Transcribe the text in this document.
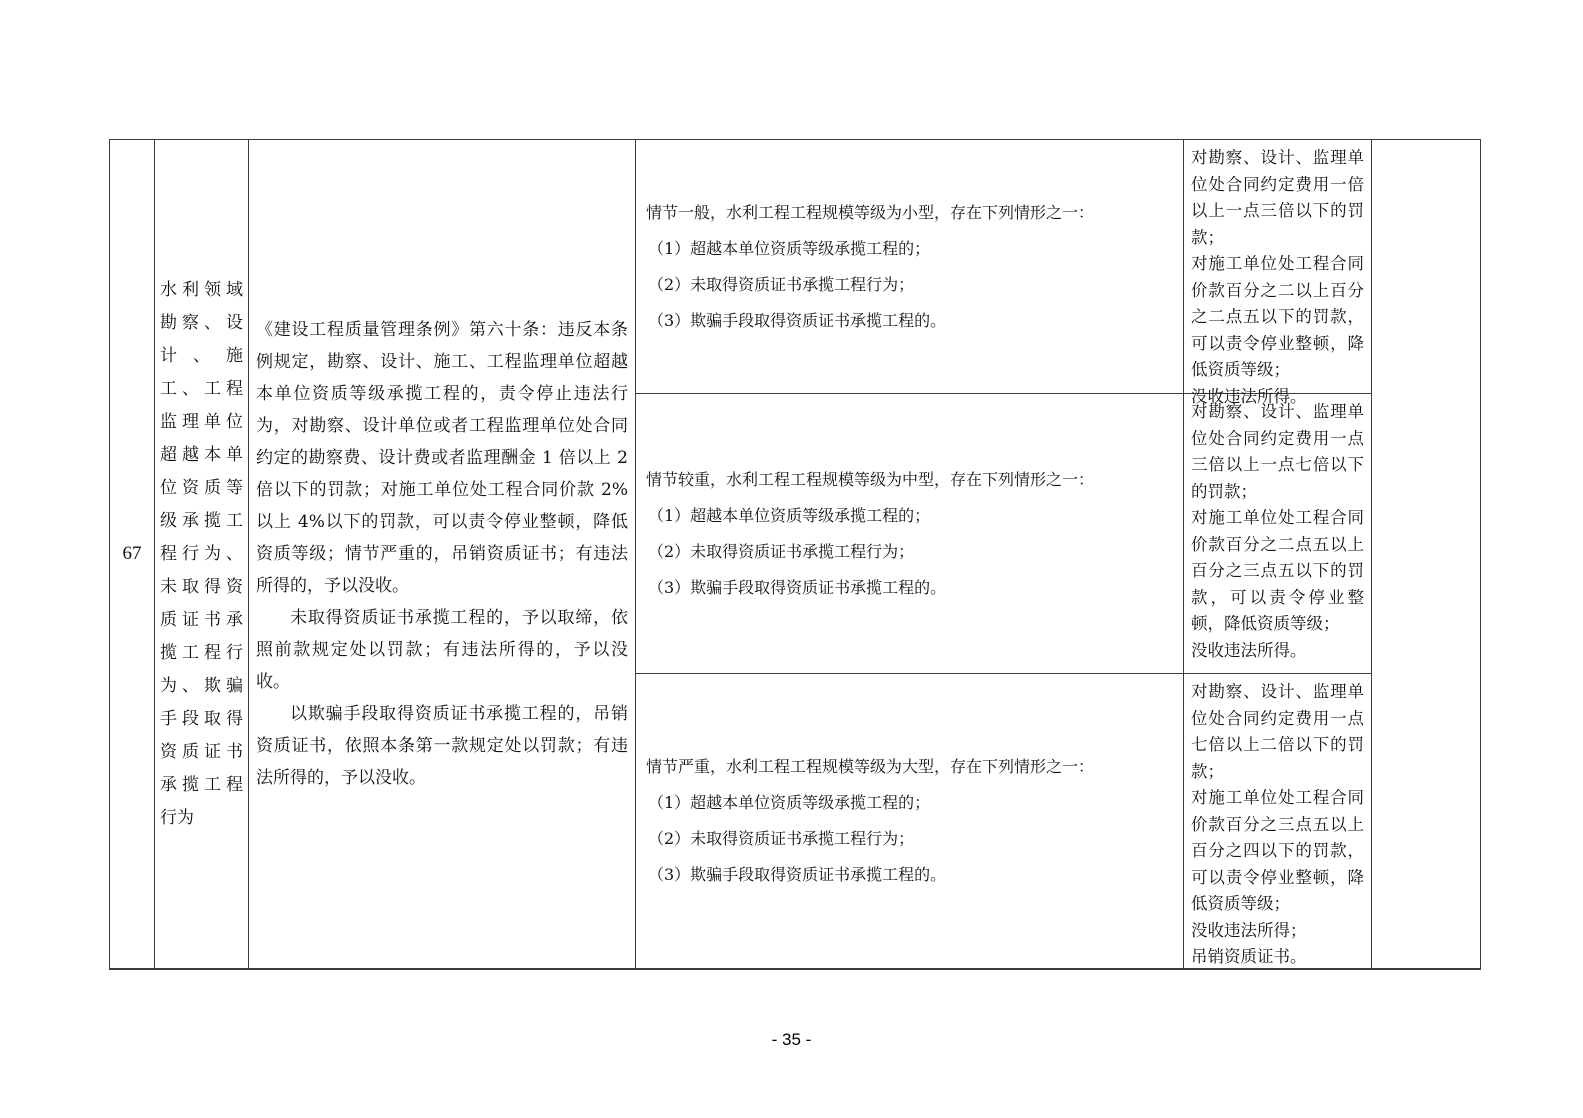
67
水利领域勘察、设计、施工、工程监理单位超越本单位资质等级承揽工程行为、未取得资质证书承揽工程行为、欺骗手段取得资质证书承揽工程行为

《建设工程质量管理条例》第六十条：违反本条例规定，勘察、设计、施工、工程监理单位超越本单位资质等级承揽工程的，责令停止违法行为，对勘察、设计单位或者工程监理单位处合同约定的勘察费、设计费或者监理酬金 1 倍以上 2 倍以下的罚款；对施工单位处工程合同价款 2%以上 4%以下的罚款，可以责令停业整顿，降低资质等级；情节严重的，吊销资质证书；有违法所得的，予以没收。

未取得资质证书承揽工程的，予以取缔，依照前款规定处以罚款；有违法所得的，予以没收。

以欺骗手段取得资质证书承揽工程的，吊销资质证书，依照本条第一款规定处以罚款；有违法所得的，予以没收。

情节一般，水利工程工程规模等级为小型，存在下列情形之一：

（1）超越本单位资质等级承揽工程的；

（2）未取得资质证书承揽工程行为；

（3）欺骗手段取得资质证书承揽工程的。

对勘察、设计、监理单位处合同约定费用一倍以上一点三倍以下的罚款；

对施工单位处工程合同价款百分之二以上百分之二点五以下的罚款，可以责令停业整顿，降低资质等级；

没收违法所得。

情节较重，水利工程工程规模等级为中型，存在下列情形之一：

（1）超越本单位资质等级承揽工程的；

（2）未取得资质证书承揽工程行为；

（3）欺骗手段取得资质证书承揽工程的。

对勘察、设计、监理单位处合同约定费用一点三倍以上一点七倍以下的罚款；

对施工单位处工程合同价款百分之二点五以上百分之三点五以下的罚款，可以责令停业整顿，降低资质等级；

没收违法所得。

情节严重，水利工程工程规模等级为大型，存在下列情形之一：

（1）超越本单位资质等级承揽工程的；

（2）未取得资质证书承揽工程行为；

（3）欺骗手段取得资质证书承揽工程的。

对勘察、设计、监理单位处合同约定费用一点七倍以上二倍以下的罚款；

对施工单位处工程合同价款百分之三点五以上百分之四以下的罚款，可以责令停业整顿，降低资质等级；

没收违法所得；

吊销资质证书。

- 35 -
